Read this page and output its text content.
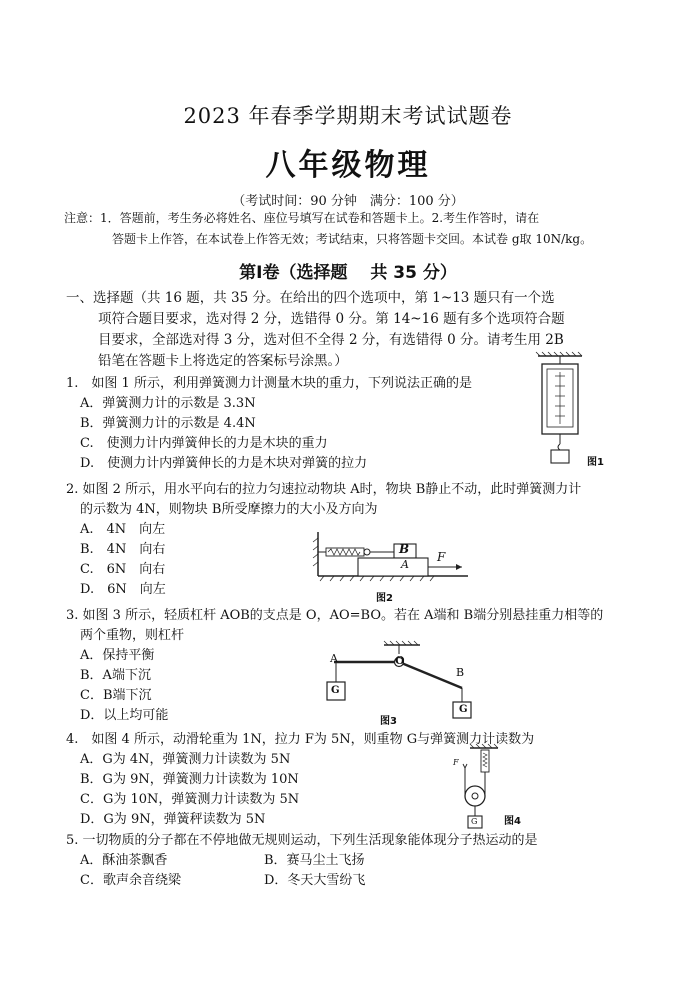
2023 年春季学期期末考试试题卷
八年级物理
（考试时间：90 分钟　满分：100 分）
注意：1．答题前，考生务必将姓名、座位号填写在试卷和答题卡上。2.考生作答时，请在
答题卡上作答，在本试卷上作答无效；考试结束，只将答题卡交回。本试卷 g取 10N/kg。
第Ⅰ卷（选择题　 共 35 分）
一、选择题（共 16 题，共 35 分。在给出的四个选项中，第 1~13 题只有一个选
项符合题目要求，选对得 2 分，选错得 0 分。第 14~16 题有多个选项符合题
目要求，全部选对得 3 分，选对但不全得 2 分，有选错得 0 分。请考生用 2B
铅笔在答题卡上将选定的答案标号涂黑。）
1.　如图 1 所示，利用弹簧测力计测量木块的重力，下列说法正确的是
A．弹簧测力计的示数是 3.3N
B．弹簧测力计的示数是 4.4N
C.　使测力计内弹簧伸长的力是木块的重力
D.　使测力计内弹簧伸长的力是木块对弹簧的拉力	图1
2. 如图 2 所示，用水平向右的拉力匀速拉动物块 A时，物块 B静止不动，此时弹簧测力计
的示数为 4N，则物块 B所受摩擦力的大小及方向为
A.　4N　向左
B.　4N　向右
C.　6N　向右
D.　6N　向左
B
A
F
图2
3. 如图 3 所示，轻质杠杆 AOB的支点是 O，AO=BO。若在 A端和 B端分别悬挂重力相等的
两个重物，则杠杆
A．保持平衡
B．A端下沉
C．B端下沉
D．以上均可能
A	O
B
G
G
图3
4.　如图 4 所示，动滑轮重为 1N，拉力 F为 5N，则重物 G与弹簧测力计读数为
A．G为 4N，弹簧测力计读数为 5N
B．G为 9N，弹簧测力计读数为 10N
C．G为 10N，弹簧测力计读数为 5N
D．G为 9N，弹簧秤读数为 5N
F
G	图4
5. 一切物质的分子都在不停地做无规则运动，下列生活现象能体现分子热运动的是
A．酥油茶飘香	B．赛马尘土飞扬
C．歌声余音绕梁	D．冬天大雪纷飞
